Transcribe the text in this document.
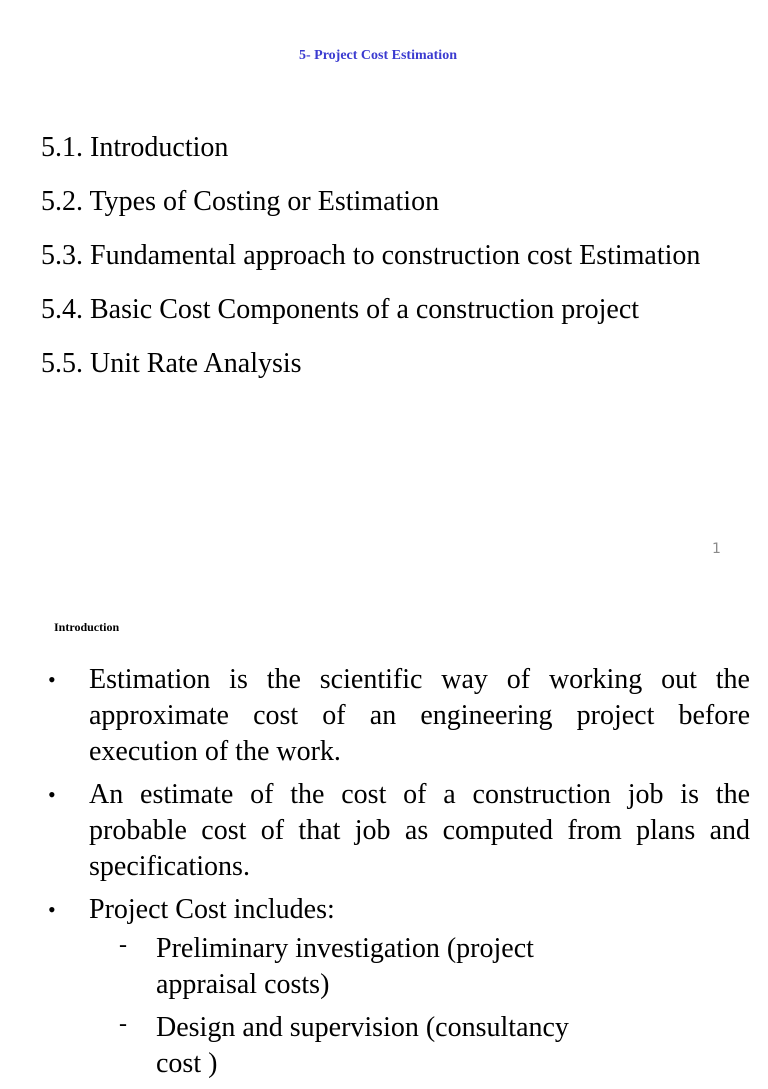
5- Project Cost Estimation
5.1. Introduction
5.2. Types of Costing or Estimation
5.3. Fundamental approach to construction cost Estimation
5.4. Basic Cost Components of a construction project
5.5. Unit Rate Analysis
1
Introduction
• Estimation is the scientific way of working out the approximate cost of an engineering project before execution of the work.
• An estimate of the cost of a construction job is the probable cost of that job as computed from plans and specifications.
• Project Cost includes:
- Preliminary investigation (project appraisal costs)
- Design and supervision (consultancy cost )
